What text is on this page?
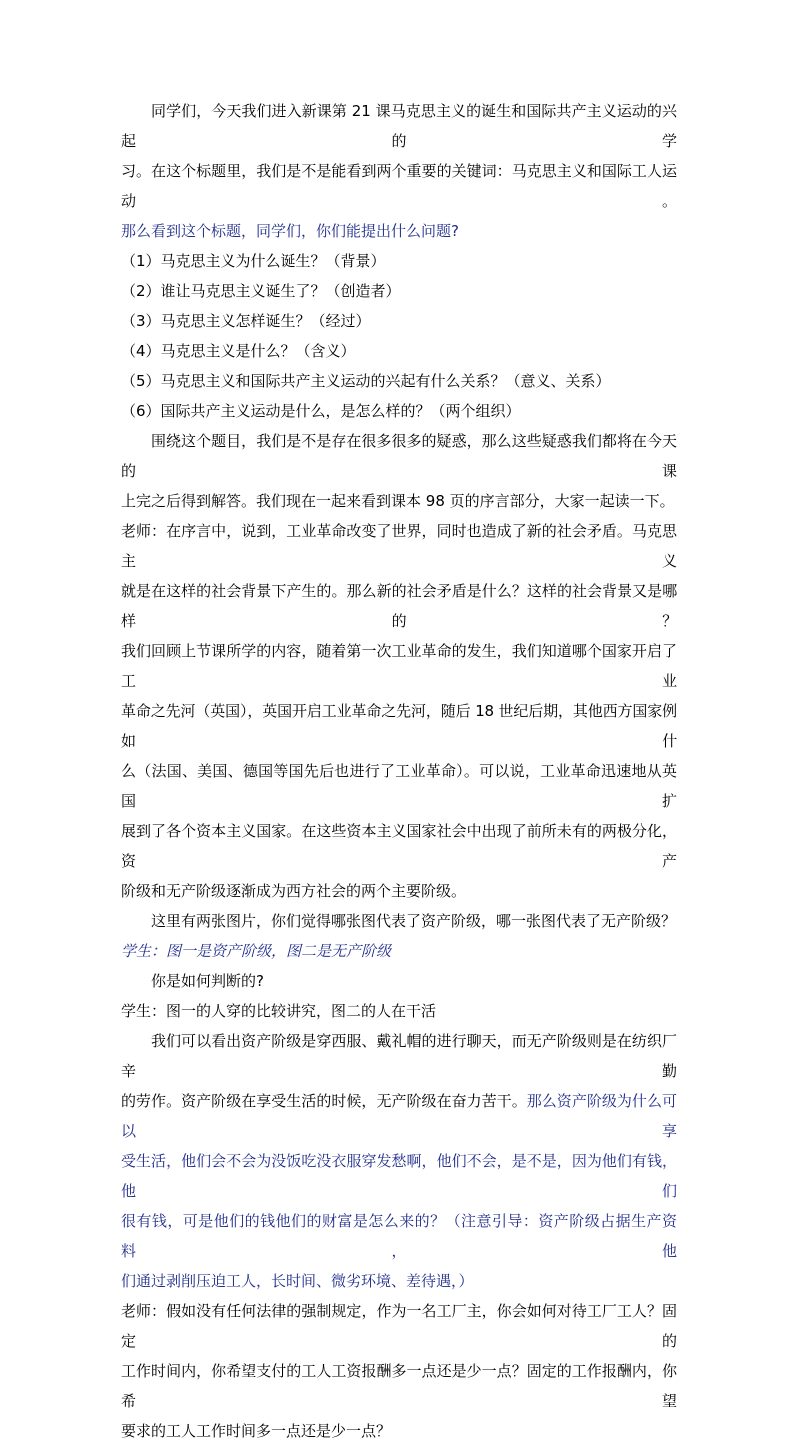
同学们，今天我们进入新课第 21 课马克思主义的诞生和国际共产主义运动的兴起的学

习。在这个标题里，我们是不是能看到两个重要的关键词：马克思主义和国际工人运动。

那么看到这个标题，同学们，你们能提出什么问题?

（1）马克思主义为什么诞生？（背景）

（2）谁让马克思主义诞生了？（创造者）

（3）马克思主义怎样诞生？（经过）

（4）马克思主义是什么？（含义）

（5）马克思主义和国际共产主义运动的兴起有什么关系？（意义、关系）

（6）国际共产主义运动是什么，是怎么样的？（两个组织）

围绕这个题目，我们是不是存在很多很多的疑惑，那么这些疑惑我们都将在今天的课

上完之后得到解答。我们现在一起来看到课本 98 页的序言部分，大家一起读一下。

老师：在序言中，说到，工业革命改变了世界，同时也造成了新的社会矛盾。马克思主义

就是在这样的社会背景下产生的。那么新的社会矛盾是什么？这样的社会背景又是哪样的？

我们回顾上节课所学的内容，随着第一次工业革命的发生，我们知道哪个国家开启了工业

革命之先河（英国），英国开启工业革命之先河，随后 18 世纪后期，其他西方国家例如什

么（法国、美国、德国等国先后也进行了工业革命）。可以说，工业革命迅速地从英国扩

展到了各个资本主义国家。在这些资本主义国家社会中出现了前所未有的两极分化，资产

阶级和无产阶级逐渐成为西方社会的两个主要阶级。

这里有两张图片，你们觉得哪张图代表了资产阶级，哪一张图代表了无产阶级？

学生：图一是资产阶级，图二是无产阶级

你是如何判断的?

学生：图一的人穿的比较讲究，图二的人在干活

我们可以看出资产阶级是穿西服、戴礼帽的进行聊天，而无产阶级则是在纺织厂辛勤

的劳作。资产阶级在享受生活的时候，无产阶级在奋力苦干。那么资产阶级为什么可以享

受生活，他们会不会为没饭吃没衣服穿发愁啊，他们不会，是不是，因为他们有钱，他们

很有钱，可是他们的钱他们的财富是怎么来的？（注意引导：资产阶级占据生产资料，他

们通过剥削压迫工人，长时间、微劣环境、差待遇，）

老师：假如没有任何法律的强制规定，作为一名工厂主，你会如何对待工厂工人？固定的

工作时间内，你希望支付的工人工资报酬多一点还是少一点？固定的工作报酬内，你希望

要求的工人工作时间多一点还是少一点？
